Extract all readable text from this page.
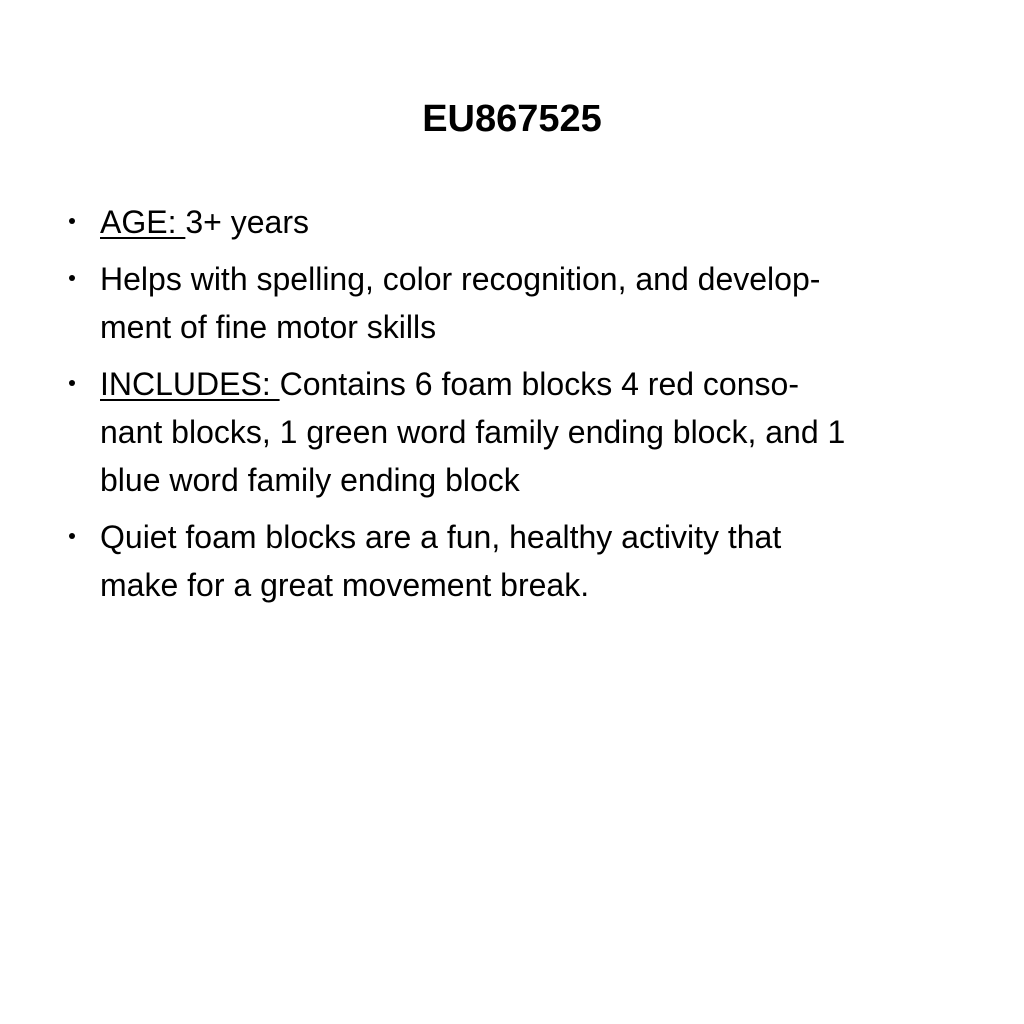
EU867525
AGE: 3+ years
Helps with spelling, color recognition, and develop-
ment of fine motor skills
INCLUDES: Contains 6 foam blocks 4 red conso-
nant blocks, 1 green word family ending block, and 1
blue word family ending block
Quiet foam blocks are a fun, healthy activity that
make for a great movement break.
